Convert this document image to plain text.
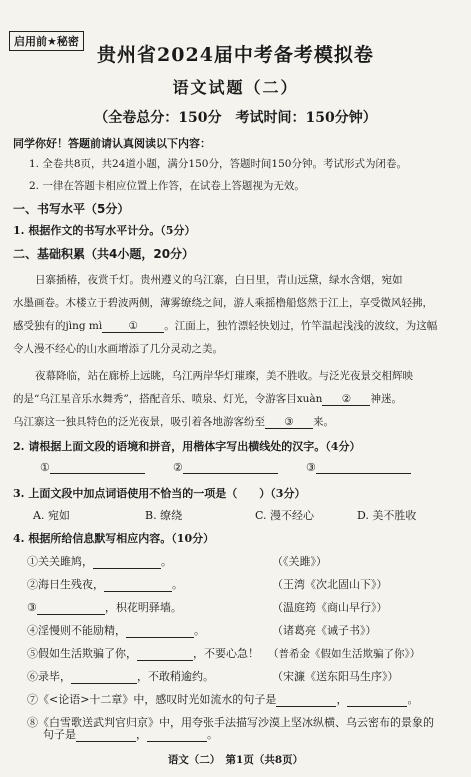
启用前★秘密
贵州省2024届中考备考模拟卷
语文试题（二）
（全卷总分：150分　考试时间：150分钟）
同学你好！答题前请认真阅读以下内容：
1. 全卷共8页，共24道小题，满分150分，答题时间150分钟。考试形式为闭卷。
2. 一律在答题卡相应位置上作答，在试卷上答题视为无效。
一、书写水平（5分）
1. 根据作文的书写水平计分。（5分）
二、基础积累（共4小题，20分）
日寨插椿，夜赏千灯。贵州遵义的乌江寨，白日里，青山远黛，绿水含烟，宛如
水墨画卷。木楼立于碧波两侧，薄雾缭绕之间，游人乘摇橹船悠然于江上，享受微风轻拂，
感受独有的jìng mì	①	。江面上，独竹漂轻快划过，竹竿温起浅浅的波纹，为这幅
令人漫不经心的山水画增添了几分灵动之美。
夜幕降临，站在廊桥上远眺，乌江两岸华灯璀璨，美不胜收。与泛光夜景交相辉映
的是“乌江星音乐水舞秀”，搭配音乐、喷泉、灯光，令游客目xuàn ② 神迷。
乌江寨这一独具特色的泛光夜景，吸引着各地游客纷至 ③ 来。
2. 请根据上面文段的语境和拼音，用楷体字写出横线处的汉字。（4分）
①	②	③
3. 上面文段中加点词语使用不恰当的一项是（　　）（3分）
A. 宛如	B. 缭绕	C. 漫不经心	D. 美不胜收
4. 根据所给信息默写相应内容。（10分）
①关关雎鸠，	。	（《关雎》）
②海日生残夜，	。	（王湾《次北固山下》）
③	，枳花明驿墙。	（温庭筠《商山早行》）
④淫慢则不能励精，	。	（诸葛亮《诫子书》）
⑤假如生活欺骗了你，	，不要心急！ （普希金《假如生活欺骗了你》）
⑥录毕，	，不敢稍逾约。	（宋濂《送东阳马生序》）
⑦《<论语>十二章》中，感叹时光如流水的句子是	，	。
⑧《白雪歌送武判官归京》中，用夸张手法描写沙漠上坚冰纵横、乌云密布的景象的
句子是	，	。
语文（二）　第1页（共8页）
